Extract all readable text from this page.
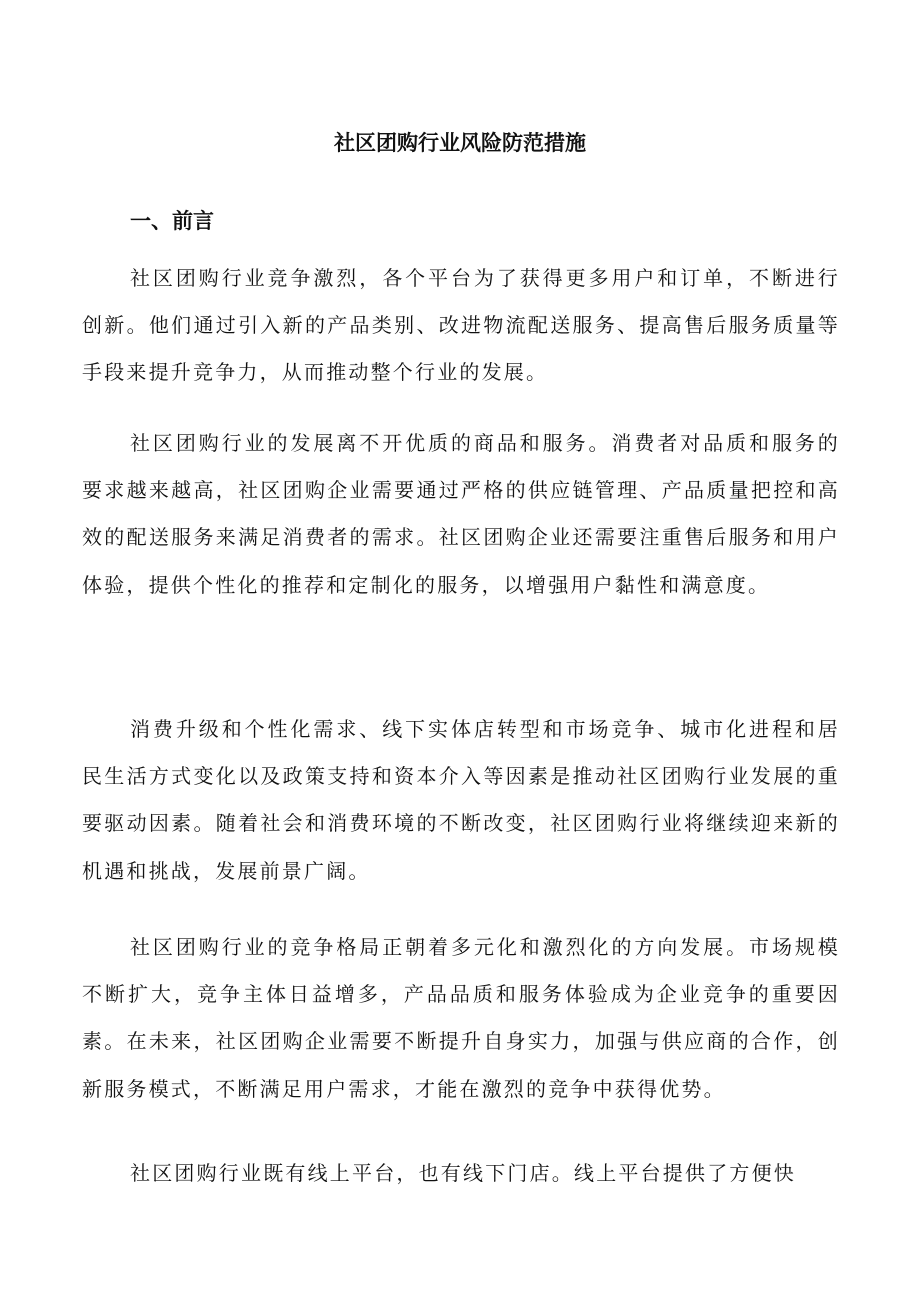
社区团购行业风险防范措施
一、前言

社区团购行业竞争激烈，各个平台为了获得更多用户和订单，不断进行创新。他们通过引入新的产品类别、改进物流配送服务、提高售后服务质量等手段来提升竞争力，从而推动整个行业的发展。

社区团购行业的发展离不开优质的商品和服务。消费者对品质和服务的要求越来越高，社区团购企业需要通过严格的供应链管理、产品质量把控和高效的配送服务来满足消费者的需求。社区团购企业还需要注重售后服务和用户体验，提供个性化的推荐和定制化的服务，以增强用户黏性和满意度。

消费升级和个性化需求、线下实体店转型和市场竞争、城市化进程和居民生活方式变化以及政策支持和资本介入等因素是推动社区团购行业发展的重要驱动因素。随着社会和消费环境的不断改变，社区团购行业将继续迎来新的机遇和挑战，发展前景广阔。

社区团购行业的竞争格局正朝着多元化和激烈化的方向发展。市场规模不断扩大，竞争主体日益增多，产品品质和服务体验成为企业竞争的重要因素。在未来，社区团购企业需要不断提升自身实力，加强与供应商的合作，创新服务模式，不断满足用户需求，才能在激烈的竞争中获得优势。

社区团购行业既有线上平台，也有线下门店。线上平台提供了方便快
